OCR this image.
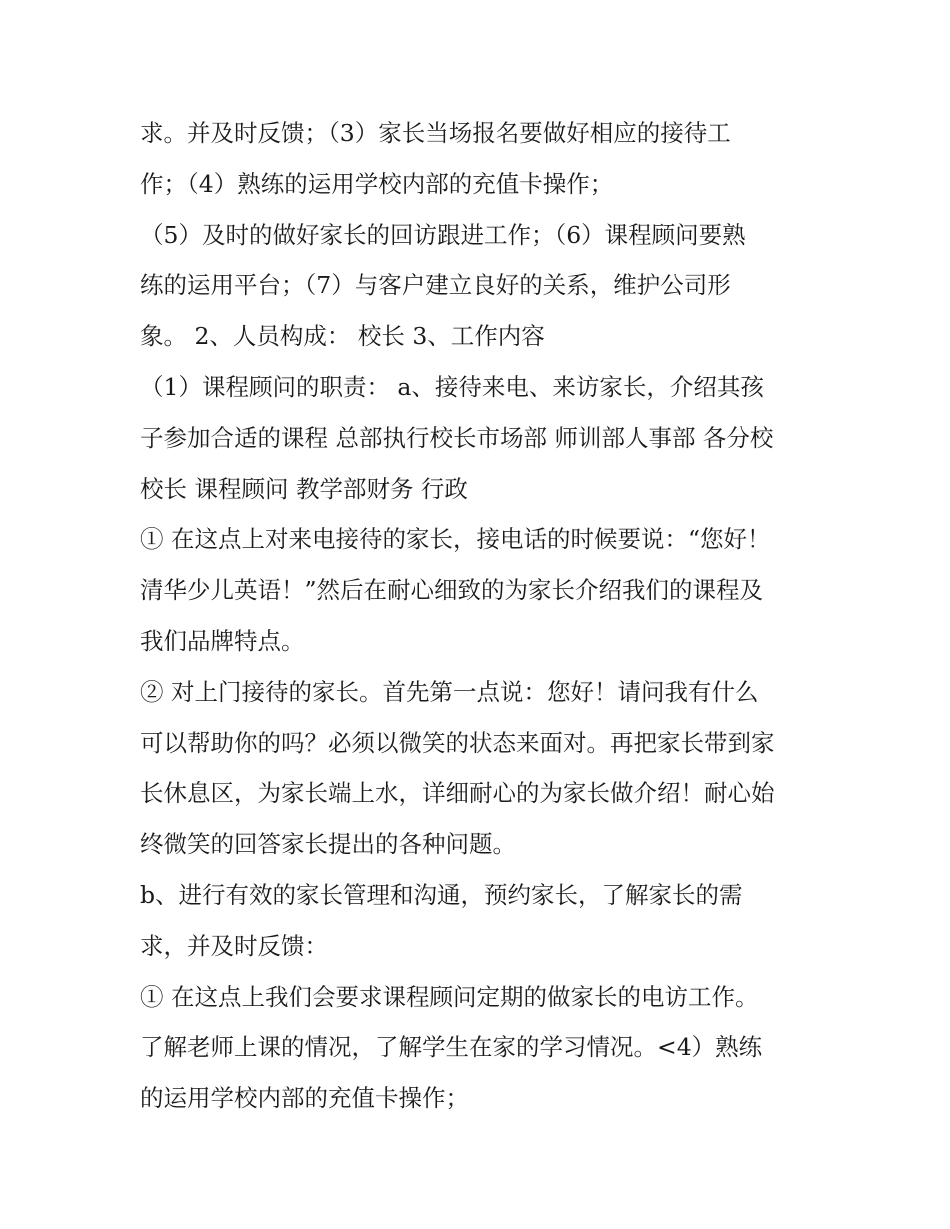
求。并及时反馈；（3）家长当场报名要做好相应的接待工
作；（4）熟练的运用学校内部的充值卡操作；
（5）及时的做好家长的回访跟进工作；（6）课程顾问要熟
练的运用平台；（7）与客户建立良好的关系，维护公司形
象。 2、人员构成： 校长 3、工作内容
（1）课程顾问的职责： a、接待来电、来访家长，介绍其孩
子参加合适的课程 总部执行校长市场部 师训部人事部 各分校
校长 课程顾问 教学部财务 行政
① 在这点上对来电接待的家长，接电话的时候要说：“您好！
清华少儿英语！”然后在耐心细致的为家长介绍我们的课程及
我们品牌特点。
② 对上门接待的家长。首先第一点说：您好！请问我有什么
可以帮助你的吗？必须以微笑的状态来面对。再把家长带到家
长休息区，为家长端上水，详细耐心的为家长做介绍！耐心始
终微笑的回答家长提出的各种问题。
b、进行有效的家长管理和沟通，预约家长，了解家长的需
求，并及时反馈：
① 在这点上我们会要求课程顾问定期的做家长的电访工作。
了解老师上课的情况，了解学生在家的学习情况。<4）熟练
的运用学校内部的充值卡操作；
